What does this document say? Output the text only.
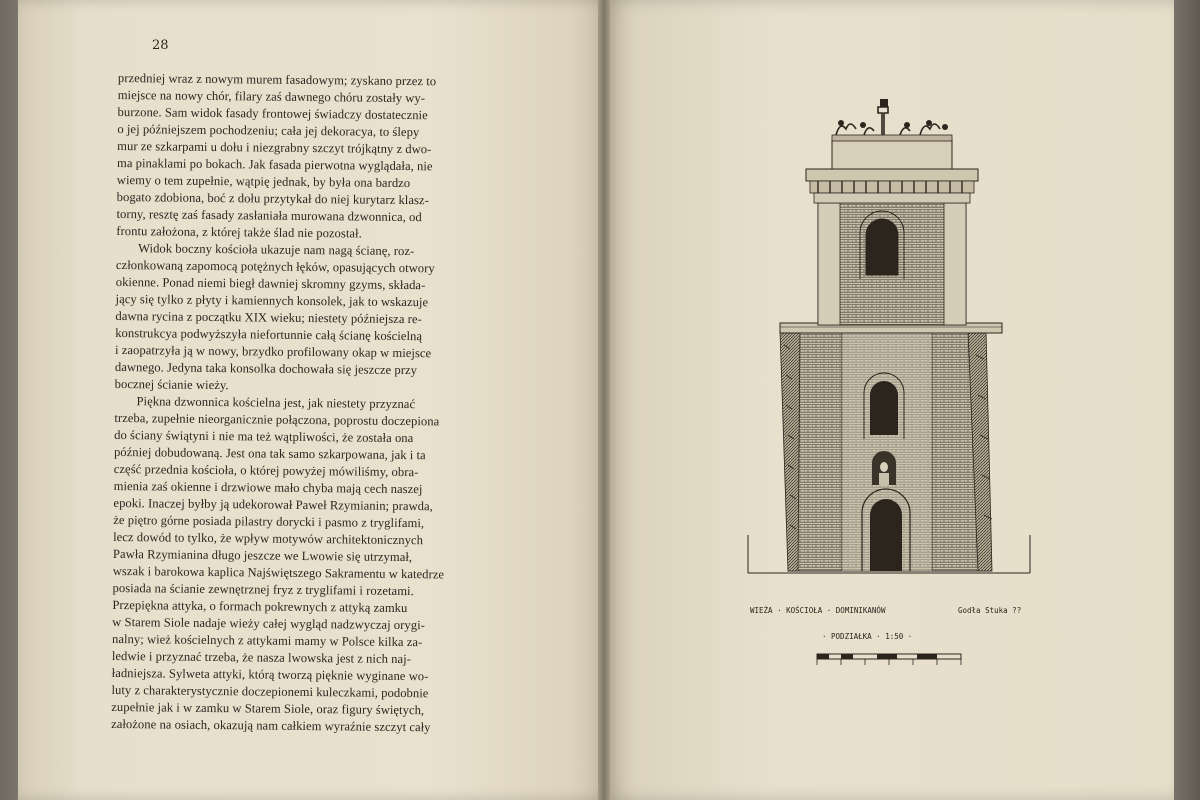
28
przedniej wraz z nowym murem fasadowym; zyskano przez to
miejsce na nowy chór, filary zaś dawnego chóru zostały wy-
burzone. Sam widok fasady frontowej świadczy dostatecznie
o jej późniejszem pochodzeniu; cała jej dekoracya, to ślepy
mur ze szkarpami u dołu i niezgrabny szczyt trójkątny z dwo-
ma pinaklami po bokach. Jak fasada pierwotna wyglądała, nie
wiemy o tem zupełnie, wątpię jednak, by była ona bardzo
bogato zdobiona, boć z dołu przytykał do niej kurytarz klasz-
torny, resztę zaś fasady zasłaniała murowana dzwonnica, od
frontu założona, z której także ślad nie pozostał.
Widok boczny kościoła ukazuje nam nagą ścianę, roz-
członkowaną zapomocą potężnych łęków, opasujących otwory
okienne. Ponad niemi biegł dawniej skromny gzyms, składa-
jący się tylko z płyty i kamiennych konsolek, jak to wskazuje
dawna rycina z początku XIX wieku; niestety późniejsza re-
konstrukcya podwyższyła niefortunnie całą ścianę kościelną
i zaopatrzyła ją w nowy, brzydko profilowany okap w miejsce
dawnego. Jedyna taka konsolka dochowała się jeszcze przy
bocznej ścianie wieży.
Piękna dzwonnica kościelna jest, jak niestety przyznać
trzeba, zupełnie nieorganicznie połączona, poprostu doczepiona
do ściany świątyni i nie ma też wątpliwości, że została ona
później dobudowaną. Jest ona tak samo szkarpowana, jak i ta
część przednia kościoła, o której powyżej mówiliśmy, obra-
mienia zaś okienne i drzwiowe mało chyba mają cech naszej
epoki. Inaczej byłby ją udekorował Paweł Rzymianin; prawda,
że piętro górne posiada pilastry dorycki i pasmo z tryglifami,
lecz dowód to tylko, że wpływ motywów architektonicznych
Pawła Rzymianina długo jeszcze we Lwowie się utrzymał,
wszak i barokowa kaplica Najświętszego Sakramentu w katedrze
posiada na ścianie zewnętrznej fryz z tryglifami i rozetami.
Przepiękna attyka, o formach pokrewnych z attyką zamku
w Starem Siole nadaje wieży całej wygląd nadzwyczaj orygi-
nalny; wież kościelnych z attykami mamy w Polsce kilka za-
ledwie i przyznać trzeba, że nasza lwowska jest z nich naj-
ładniejsza. Sylweta attyki, którą tworzą pięknie wyginane wo-
luty z charakterystycznie doczepionemi kuleczkami, podobnie
zupełnie jak i w zamku w Starem Siole, oraz figury świętych,
założone na osiach, okazują nam całkiem wyraźnie szczyt cały
WIEŻA · KOŚCIOŁA · DOMINIKANÓW	Godła Stuka ??
· PODZIAŁKA · 1:50 ·
